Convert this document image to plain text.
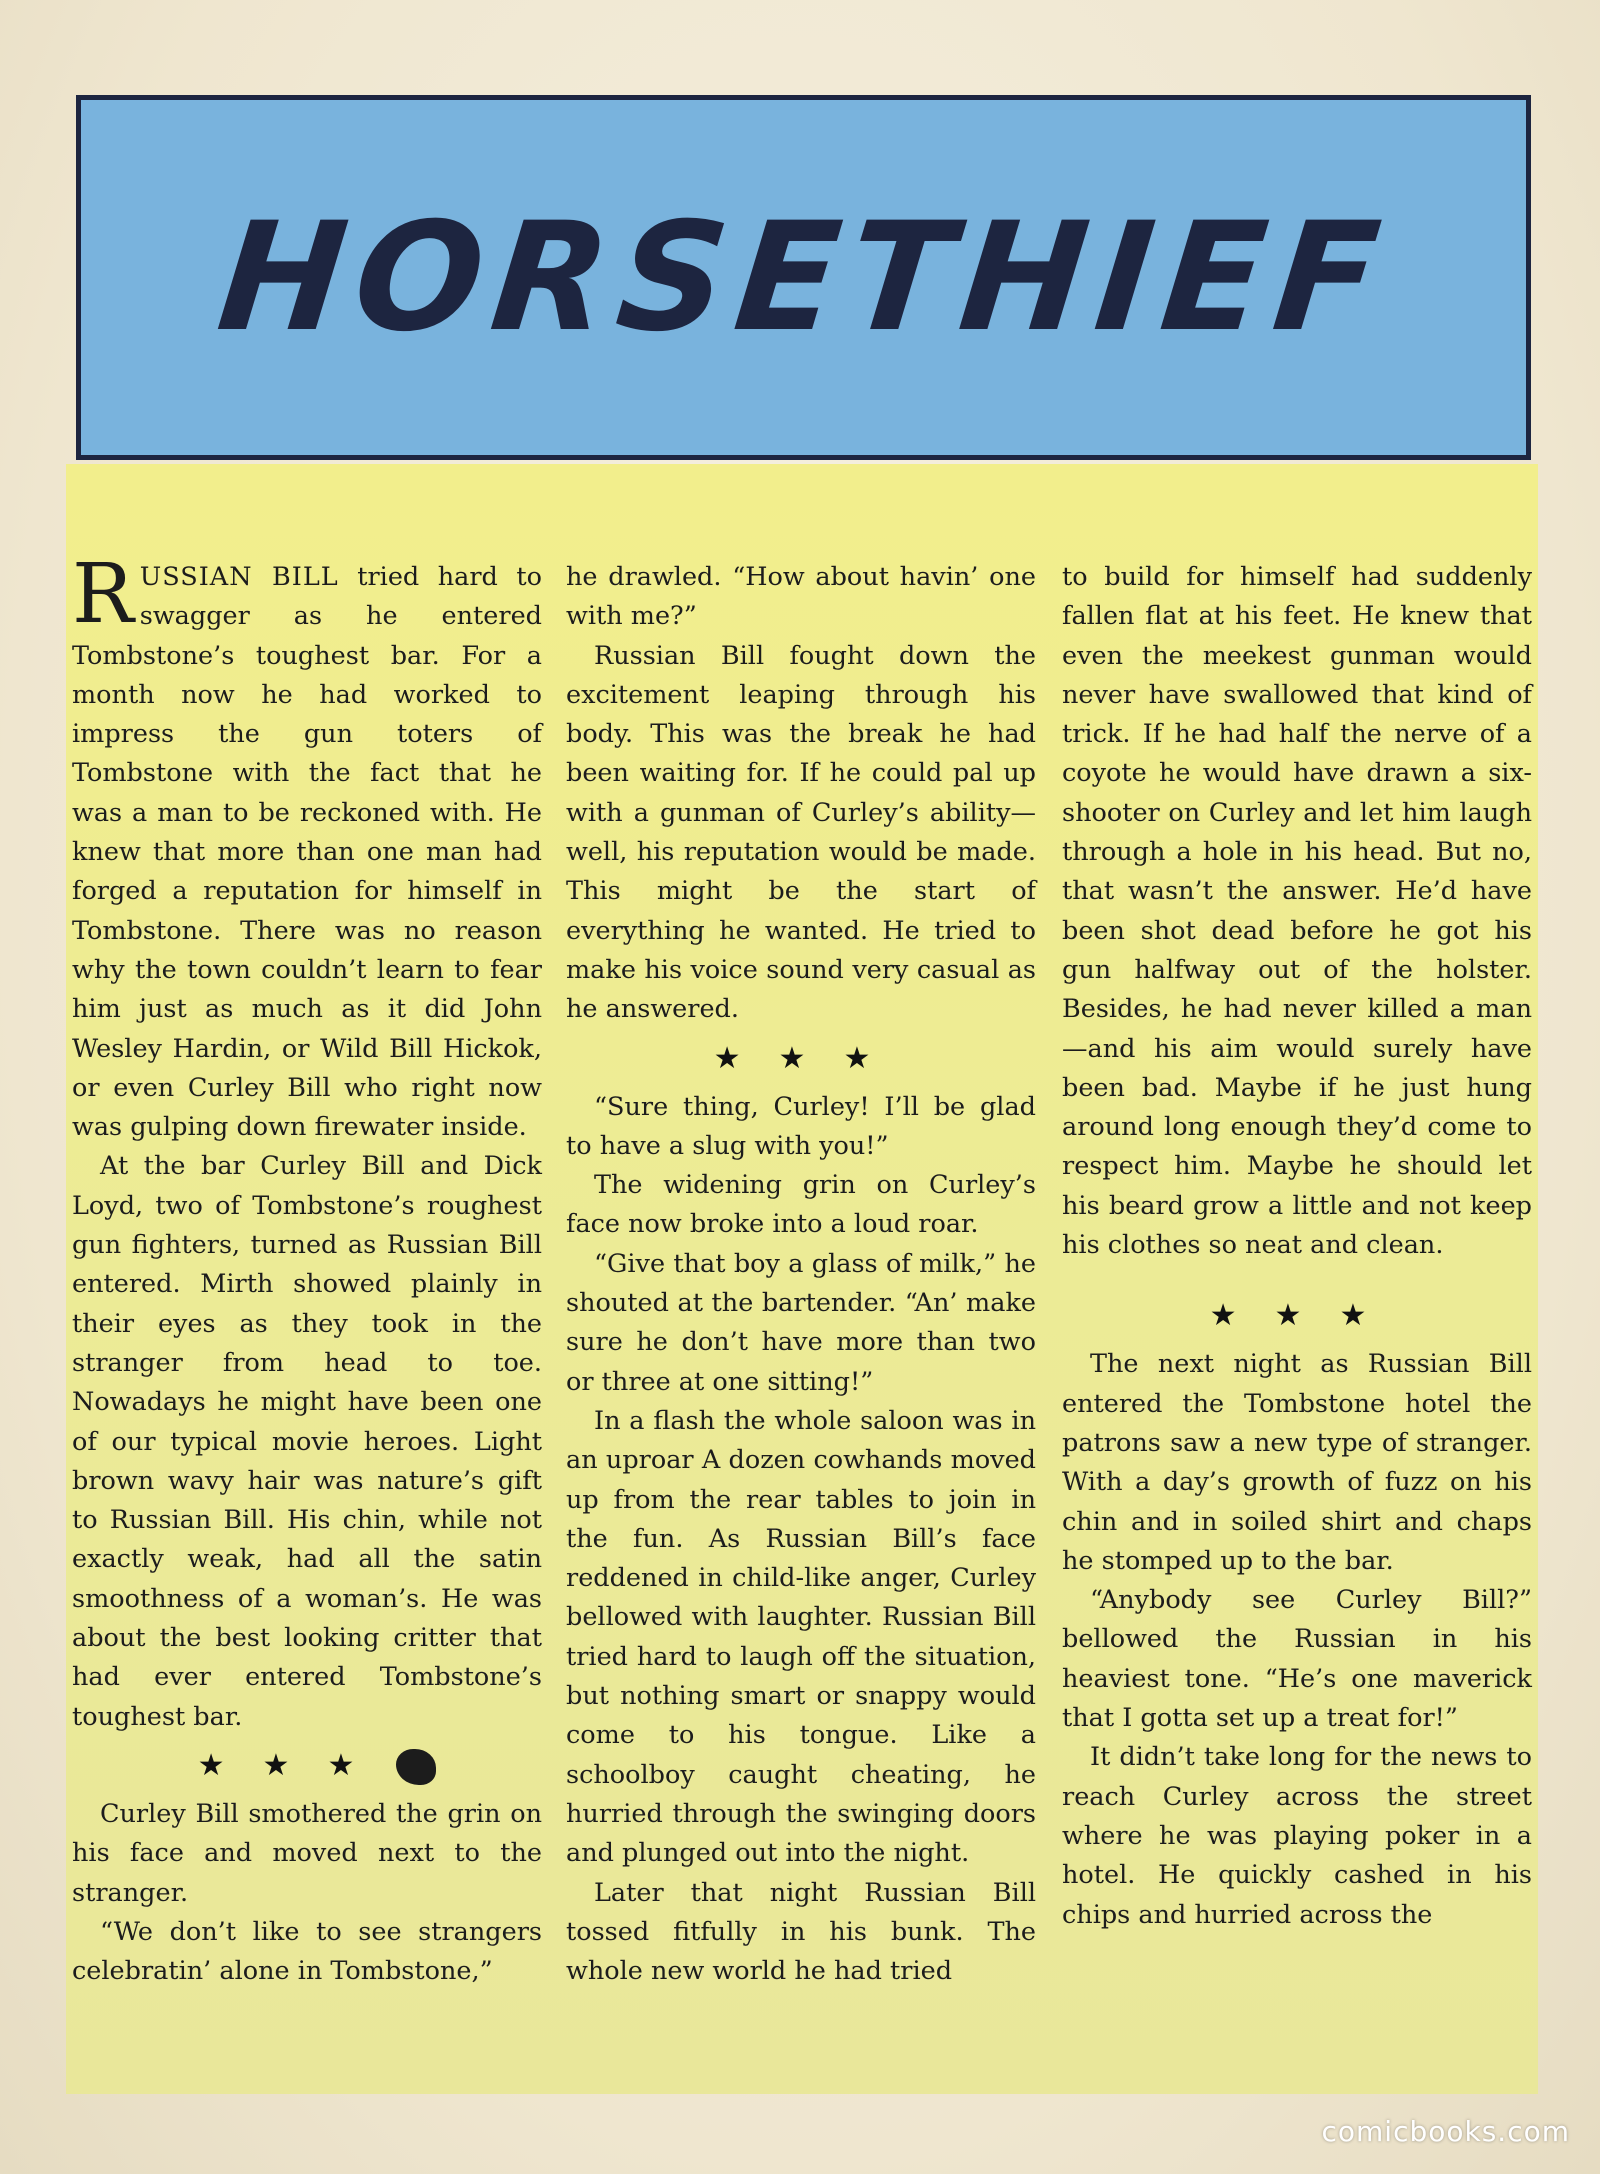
HORSETHIEF

RUSSIAN BILL tried hard to swagger as he entered Tombstone’s toughest bar. For a month now he had worked to impress the gun toters of Tombstone with the fact that he was a man to be reckoned with. He knew that more than one man had forged a reputation for himself in Tombstone. There was no reason why the town couldn’t learn to fear him just as much as it did John Wesley Hardin, or Wild Bill Hickok, or even Curley Bill who right now was gulping down firewater inside.

At the bar Curley Bill and Dick Loyd, two of Tombstone’s roughest gun fighters, turned as Russian Bill entered. Mirth showed plainly in their eyes as they took in the stranger from head to toe. Nowadays he might have been one of our typical movie heroes. Light brown wavy hair was nature’s gift to Russian Bill. His chin, while not exactly weak, had all the satin smoothness of a woman’s. He was about the best looking critter that had ever entered Tombstone’s toughest bar.

★★★

Curley Bill smothered the grin on his face and moved next to the stranger.

“We don’t like to see strangers celebratin’ alone in Tombstone,”

he drawled. “How about havin’ one with me?”

Russian Bill fought down the excitement leaping through his body. This was the break he had been waiting for. If he could pal up with a gunman of Curley’s ability—well, his reputation would be made. This might be the start of everything he wanted. He tried to make his voice sound very casual as he answered.

★★★

“Sure thing, Curley! I’ll be glad to have a slug with you!”

The widening grin on Curley’s face now broke into a loud roar.

“Give that boy a glass of milk,” he shouted at the bartender. “An’ make sure he don’t have more than two or three at one sitting!”

In a flash the whole saloon was in an uproar A dozen cowhands moved up from the rear tables to join in the fun. As Russian Bill’s face reddened in child-like anger, Curley bellowed with laughter. Russian Bill tried hard to laugh off the situation, but nothing smart or snappy would come to his tongue. Like a schoolboy caught cheating, he hurried through the swinging doors and plunged out into the night.

Later that night Russian Bill tossed fitfully in his bunk. The whole new world he had tried

to build for himself had suddenly fallen flat at his feet. He knew that even the meekest gunman would never have swallowed that kind of trick. If he had half the nerve of a coyote he would have drawn a six-shooter on Curley and let him laugh through a hole in his head. But no, that wasn’t the answer. He’d have been shot dead before he got his gun halfway out of the holster. Besides, he had never killed a man—and his aim would surely have been bad. Maybe if he just hung around long enough they’d come to respect him. Maybe he should let his beard grow a little and not keep his clothes so neat and clean.

★★★

The next night as Russian Bill entered the Tombstone hotel the patrons saw a new type of stranger. With a day’s growth of fuzz on his chin and in soiled shirt and chaps he stomped up to the bar.

“Anybody see Curley Bill?” bellowed the Russian in his heaviest tone. “He’s one maverick that I gotta set up a treat for!”

It didn’t take long for the news to reach Curley across the street where he was playing poker in a hotel. He quickly cashed in his chips and hurried across the

comicbooks.com
